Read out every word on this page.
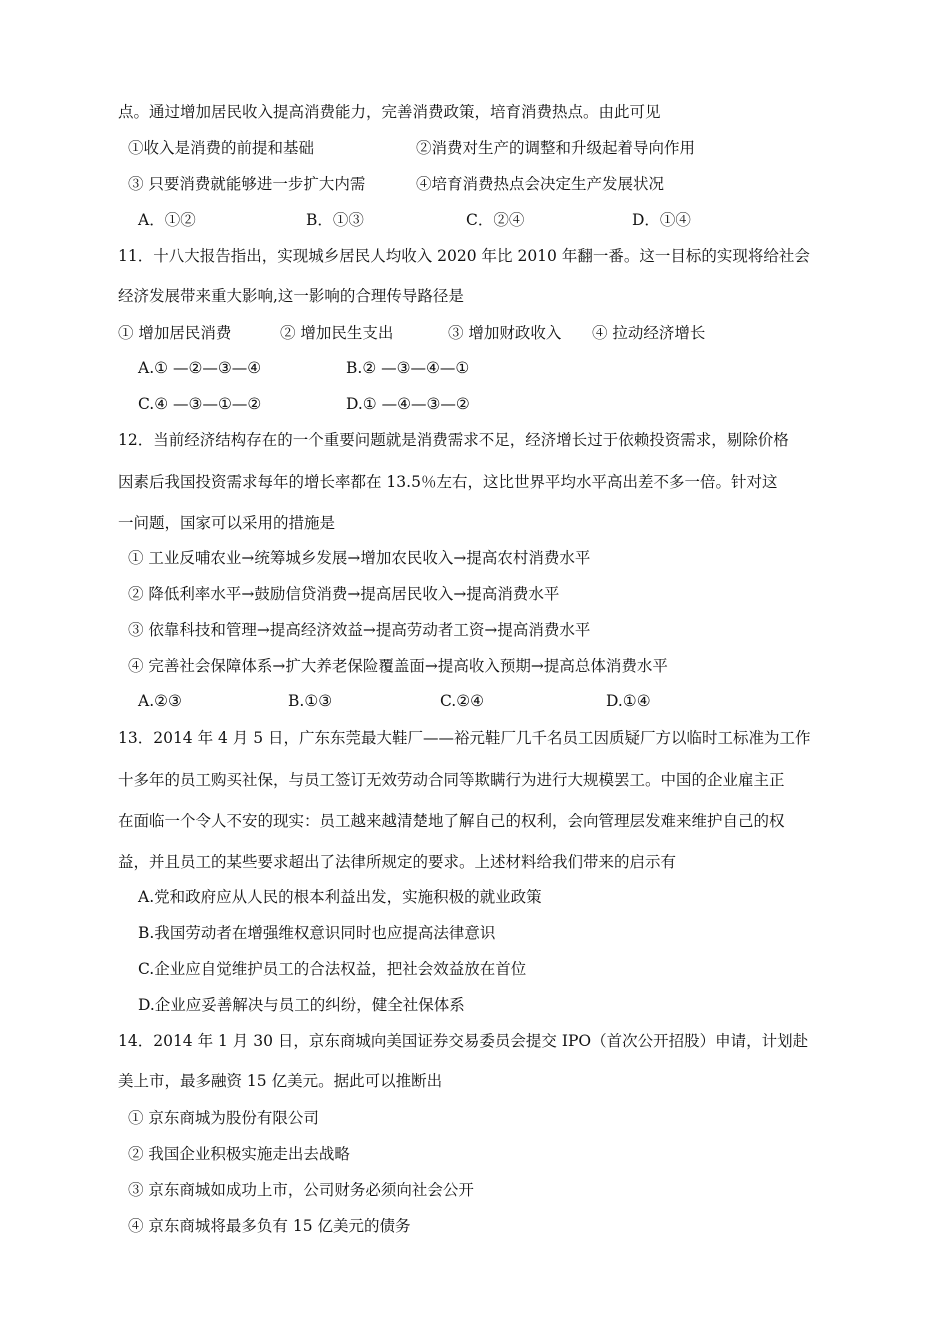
点。通过增加居民收入提高消费能力，完善消费政策，培育消费热点。由此可见
①收入是消费的前提和基础	②消费对生产的调整和升级起着导向作用
③ 只要消费就能够进一步扩大内需	④培育消费热点会决定生产发展状况
A．①②	B．①③	C．②④	D．①④
11．十八大报告指出，实现城乡居民人均收入 2020 年比 2010 年翻一番。这一目标的实现将给社会
经济发展带来重大影响,这一影响的合理传导路径是
① 增加居民消费	② 增加民生支出	③ 增加财政收入 ④ 拉动经济增长
A.① —②—③—④	B.② —③—④—①
C.④ —③—①—②	D.① —④—③—②
12．当前经济结构存在的一个重要问题就是消费需求不足，经济增长过于依赖投资需求，剔除价格
因素后我国投资需求每年的增长率都在 13.5％左右，这比世界平均水平高出差不多一倍。针对这
一问题，国家可以采用的措施是
① 工业反哺农业→统筹城乡发展→增加农民收入→提高农村消费水平
② 降低利率水平→鼓励信贷消费→提高居民收入→提高消费水平
③ 依靠科技和管理→提高经济效益→提高劳动者工资→提高消费水平
④ 完善社会保障体系→扩大养老保险覆盖面→提高收入预期→提高总体消费水平
A.②③	B.①③	C.②④	D.①④
13．2014 年 4 月 5 日，广东东莞最大鞋厂——裕元鞋厂几千名员工因质疑厂方以临时工标准为工作
十多年的员工购买社保，与员工签订无效劳动合同等欺瞒行为进行大规模罢工。中国的企业雇主正
在面临一个令人不安的现实：员工越来越清楚地了解自己的权利，会向管理层发难来维护自己的权
益，并且员工的某些要求超出了法律所规定的要求。上述材料给我们带来的启示有
A.党和政府应从人民的根本利益出发，实施积极的就业政策
B.我国劳动者在增强维权意识同时也应提高法律意识
C.企业应自觉维护员工的合法权益，把社会效益放在首位
D.企业应妥善解决与员工的纠纷，健全社保体系
14．2014 年 1 月 30 日，京东商城向美国证券交易委员会提交 IPO（首次公开招股）申请，计划赴
美上市，最多融资 15 亿美元。据此可以推断出
① 京东商城为股份有限公司
② 我国企业积极实施走出去战略
③ 京东商城如成功上市，公司财务必须向社会公开
④ 京东商城将最多负有 15 亿美元的债务
